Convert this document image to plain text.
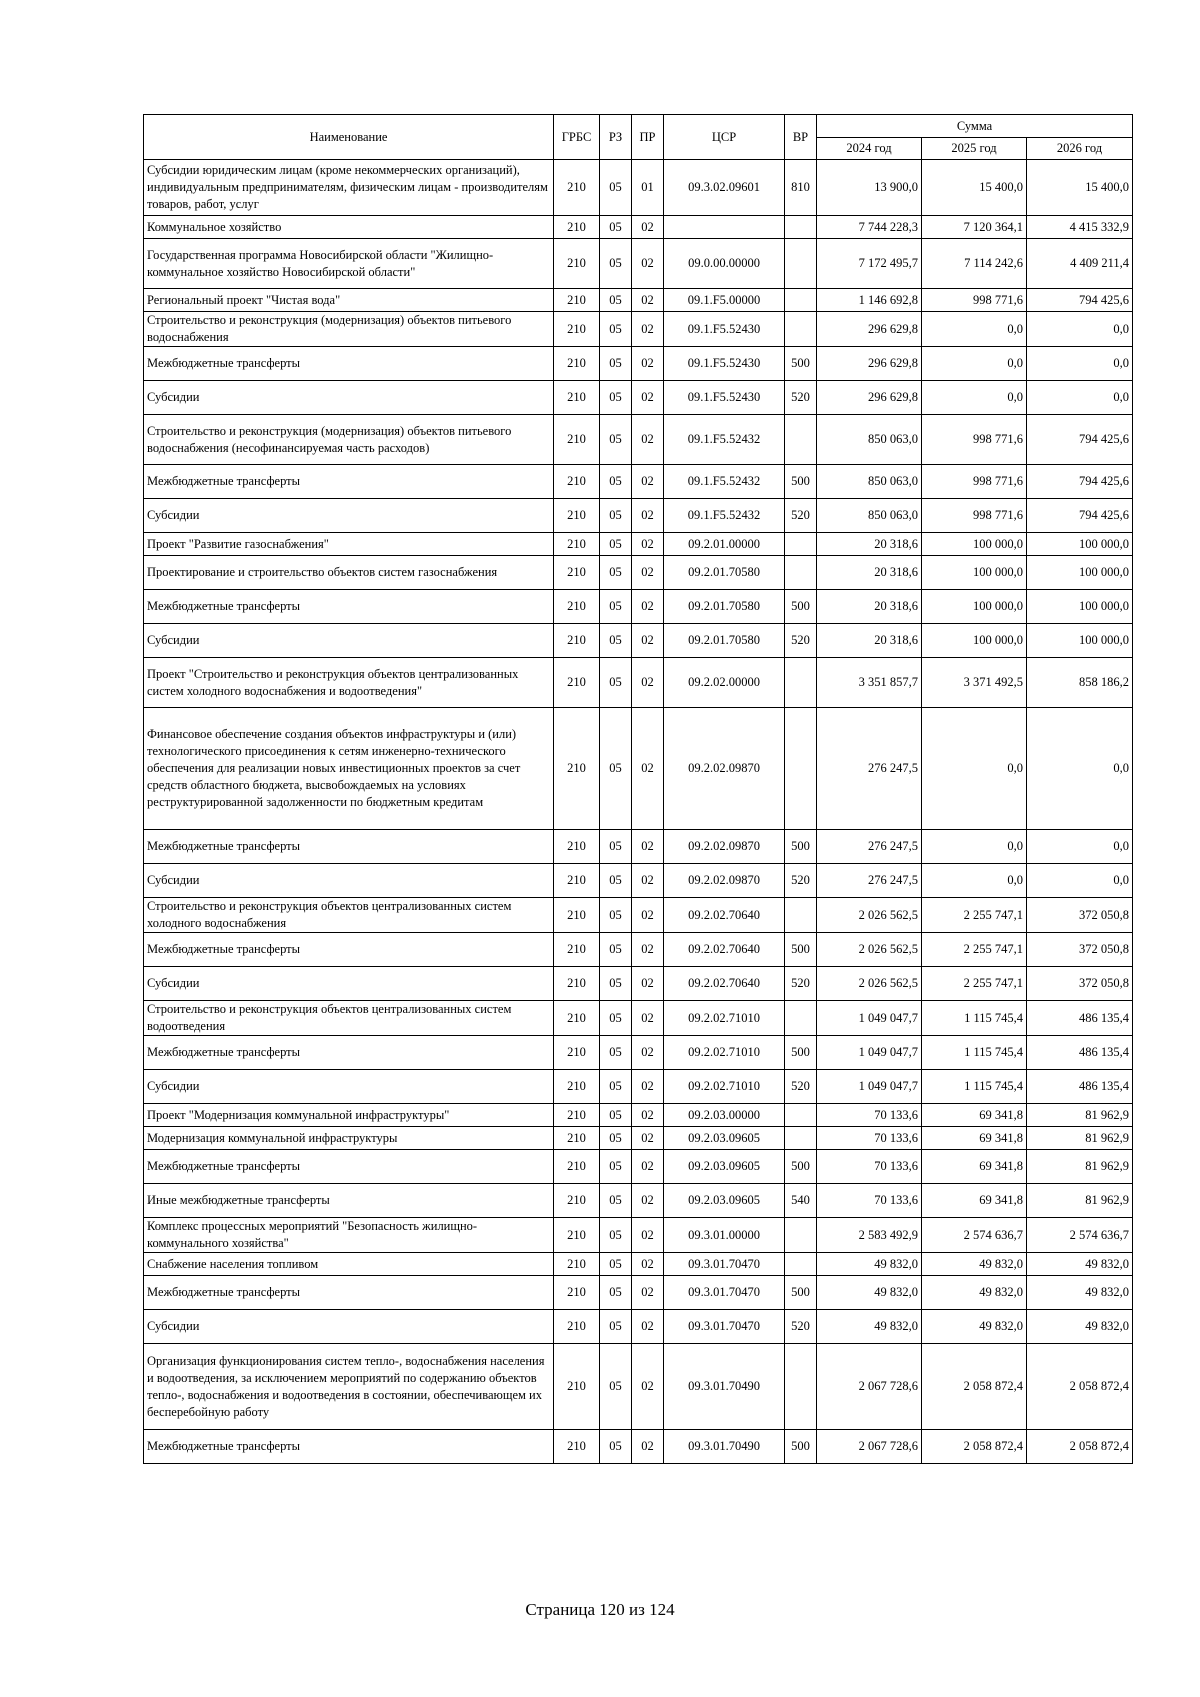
Наименование	ГРБС	РЗ	ПР	ЦСР	ВР	Сумма		
						2024 год	2025 год	2026 год
Субсидии юридическим лицам (кроме некоммерческих организаций), индивидуальным предпринимателям, физическим лицам - производителям товаров, работ, услуг	210	05	01	09.3.02.09601	810	13 900,0	15 400,0	15 400,0
Коммунальное хозяйство	210	05	02			7 744 228,3	7 120 364,1	4 415 332,9
Государственная программа Новосибирской области "Жилищно-коммунальное хозяйство Новосибирской области"	210	05	02	09.0.00.00000		7 172 495,7	7 114 242,6	4 409 211,4
Региональный проект "Чистая вода"	210	05	02	09.1.F5.00000		1 146 692,8	998 771,6	794 425,6
Строительство и реконструкция (модернизация) объектов питьевого водоснабжения	210	05	02	09.1.F5.52430		296 629,8	0,0	0,0
Межбюджетные трансферты	210	05	02	09.1.F5.52430	500	296 629,8	0,0	0,0
Субсидии	210	05	02	09.1.F5.52430	520	296 629,8	0,0	0,0
Строительство и реконструкция (модернизация) объектов питьевого водоснабжения (несофинансируемая часть расходов)	210	05	02	09.1.F5.52432		850 063,0	998 771,6	794 425,6
Межбюджетные трансферты	210	05	02	09.1.F5.52432	500	850 063,0	998 771,6	794 425,6
Субсидии	210	05	02	09.1.F5.52432	520	850 063,0	998 771,6	794 425,6
Проект "Развитие газоснабжения"	210	05	02	09.2.01.00000		20 318,6	100 000,0	100 000,0
Проектирование и строительство объектов систем газоснабжения	210	05	02	09.2.01.70580		20 318,6	100 000,0	100 000,0
Межбюджетные трансферты	210	05	02	09.2.01.70580	500	20 318,6	100 000,0	100 000,0
Субсидии	210	05	02	09.2.01.70580	520	20 318,6	100 000,0	100 000,0
Проект "Строительство и реконструкция объектов централизованных систем холодного водоснабжения и водоотведения"	210	05	02	09.2.02.00000		3 351 857,7	3 371 492,5	858 186,2
Финансовое обеспечение создания объектов инфраструктуры и (или) технологического присоединения к сетям инженерно-технического обеспечения для реализации новых инвестиционных проектов за счет средств областного бюджета, высвобождаемых на условиях реструктурированной задолженности по бюджетным кредитам	210	05	02	09.2.02.09870		276 247,5	0,0	0,0
Межбюджетные трансферты	210	05	02	09.2.02.09870	500	276 247,5	0,0	0,0
Субсидии	210	05	02	09.2.02.09870	520	276 247,5	0,0	0,0
Строительство и реконструкция объектов централизованных систем холодного водоснабжения	210	05	02	09.2.02.70640		2 026 562,5	2 255 747,1	372 050,8
Межбюджетные трансферты	210	05	02	09.2.02.70640	500	2 026 562,5	2 255 747,1	372 050,8
Субсидии	210	05	02	09.2.02.70640	520	2 026 562,5	2 255 747,1	372 050,8
Строительство и реконструкция объектов централизованных систем водоотведения	210	05	02	09.2.02.71010		1 049 047,7	1 115 745,4	486 135,4
Межбюджетные трансферты	210	05	02	09.2.02.71010	500	1 049 047,7	1 115 745,4	486 135,4
Субсидии	210	05	02	09.2.02.71010	520	1 049 047,7	1 115 745,4	486 135,4
Проект "Модернизация коммунальной инфраструктуры"	210	05	02	09.2.03.00000		70 133,6	69 341,8	81 962,9
Модернизация коммунальной инфраструктуры	210	05	02	09.2.03.09605		70 133,6	69 341,8	81 962,9
Межбюджетные трансферты	210	05	02	09.2.03.09605	500	70 133,6	69 341,8	81 962,9
Иные межбюджетные трансферты	210	05	02	09.2.03.09605	540	70 133,6	69 341,8	81 962,9
Комплекс процессных мероприятий "Безопасность жилищно-коммунального хозяйства"	210	05	02	09.3.01.00000		2 583 492,9	2 574 636,7	2 574 636,7
Снабжение населения топливом	210	05	02	09.3.01.70470		49 832,0	49 832,0	49 832,0
Межбюджетные трансферты	210	05	02	09.3.01.70470	500	49 832,0	49 832,0	49 832,0
Субсидии	210	05	02	09.3.01.70470	520	49 832,0	49 832,0	49 832,0
Организация функционирования систем тепло-, водоснабжения населения и водоотведения, за исключением мероприятий по содержанию объектов тепло-, водоснабжения и водоотведения в состоянии, обеспечивающем их бесперебойную работу	210	05	02	09.3.01.70490		2 067 728,6	2 058 872,4	2 058 872,4
Межбюджетные трансферты	210	05	02	09.3.01.70490	500	2 067 728,6	2 058 872,4	2 058 872,4
Страница 120 из 124
